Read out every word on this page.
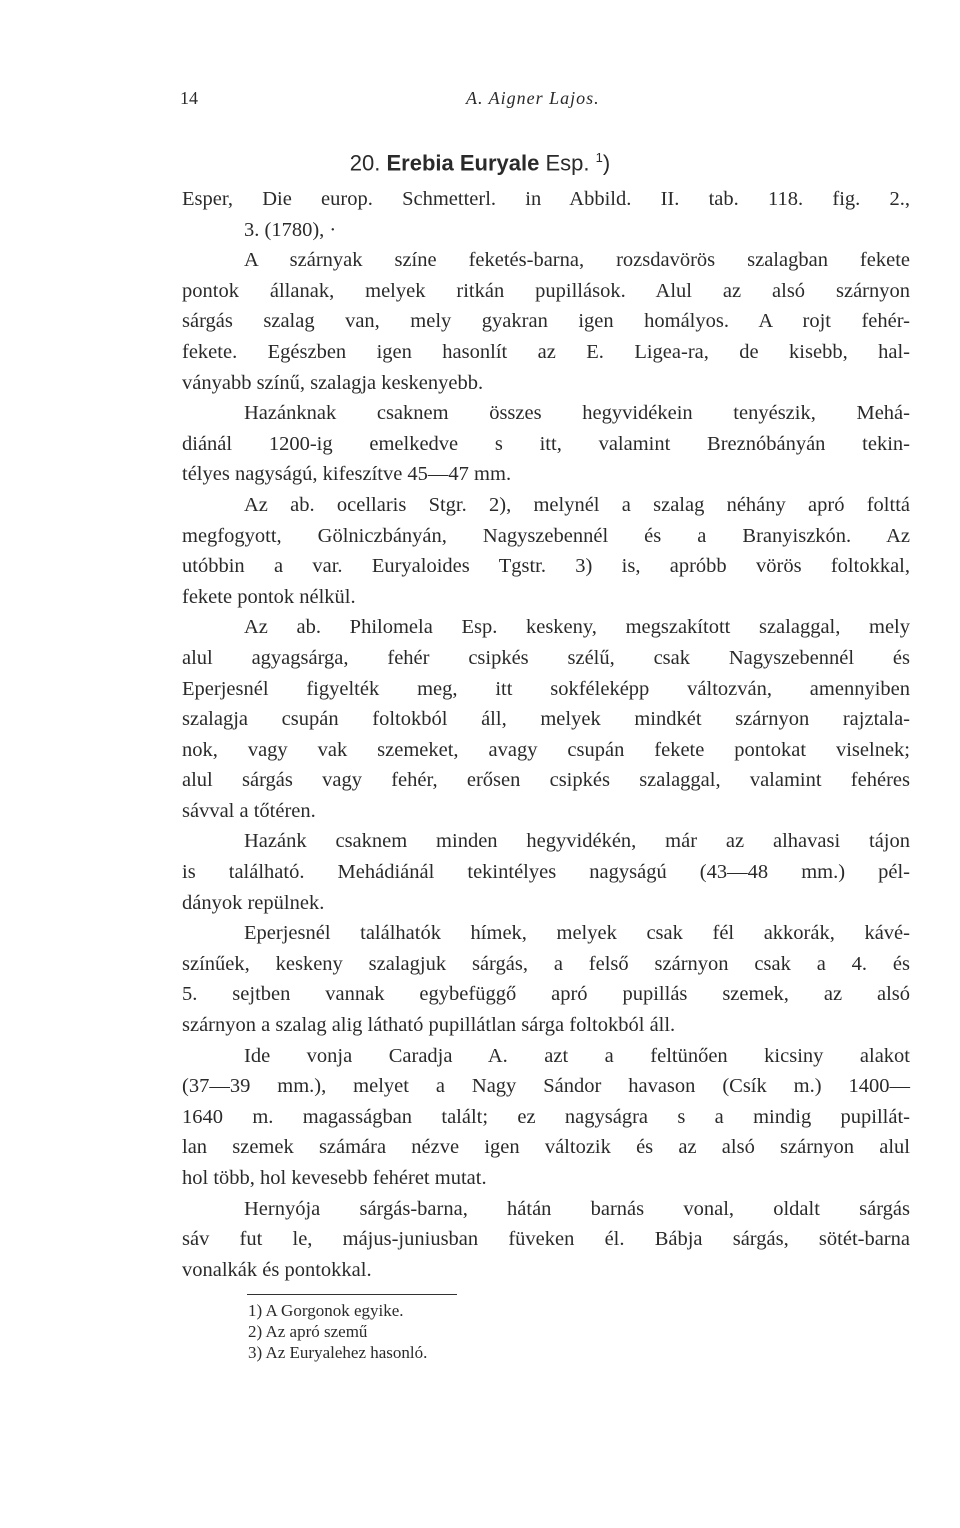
14	A. Aigner Lajos.
20. Erebia Euryale Esp. $^1$)
Esper, Die europ. Schmetterl. in Abbild. II. tab. 118. fig. 2.,
3. (1780), ·
A szárnyak színe feketés-barna, rozsdavörös szalagban fekete
pontok állanak, melyek ritkán pupillások. Alul az alsó szárnyon
sárgás szalag van, mely gyakran igen homályos. A rojt fehér-
fekete. Egészben igen hasonlít az E. Ligea-ra, de kisebb, hal-
ványabb színű, szalagja keskenyebb.
Hazánknak csaknem összes hegyvidékein tenyészik, Mehá-
diánál 1200-ig emelkedve s itt, valamint Breznóbányán tekin-
télyes nagyságú, kifeszítve 45—47 mm.
Az ab. ocellaris Stgr. 2), melynél a szalag néhány apró folttá
megfogyott, Gölniczbányán, Nagyszebennél és a Branyiszkón. Az
utóbbin a var. Euryaloides Tgstr. 3) is, apróbb vörös foltokkal,
fekete pontok nélkül.
Az ab. Philomela Esp. keskeny, megszakított szalaggal, mely
alul agyagsárga, fehér csipkés szélű, csak Nagyszebennél és
Eperjesnél figyelték meg, itt sokféleképp változván, amennyiben
szalagja csupán foltokból áll, melyek mindkét szárnyon rajztala-
nok, vagy vak szemeket, avagy csupán fekete pontokat viselnek;
alul sárgás vagy fehér, erősen csipkés szalaggal, valamint fehéres
sávval a tőtéren.
Hazánk csaknem minden hegyvidékén, már az alhavasi tájon
is található. Mehádiánál tekintélyes nagyságú (43—48 mm.) pél-
dányok repülnek.
Eperjesnél találhatók hímek, melyek csak fél akkorák, kávé-
színűek, keskeny szalagjuk sárgás, a felső szárnyon csak a 4. és
5. sejtben vannak egybefüggő apró pupillás szemek, az alsó
szárnyon a szalag alig látható pupillátlan sárga foltokból áll.
Ide vonja Caradja A. azt a feltünően kicsiny alakot
(37—39 mm.), melyet a Nagy Sándor havason (Csík m.) 1400—
1640 m. magasságban talált; ez nagyságra s a mindig pupillát-
lan szemek számára nézve igen változik és az alsó szárnyon alul
hol több, hol kevesebb fehéret mutat.
Hernyója sárgás-barna, hátán barnás vonal, oldalt sárgás
sáv fut le, május-juniusban füveken él. Bábja sárgás, sötét-barna
vonalkák és pontokkal.
1) A Gorgonok egyike.
2) Az apró szemű
3) Az Euryalehez hasonló.
